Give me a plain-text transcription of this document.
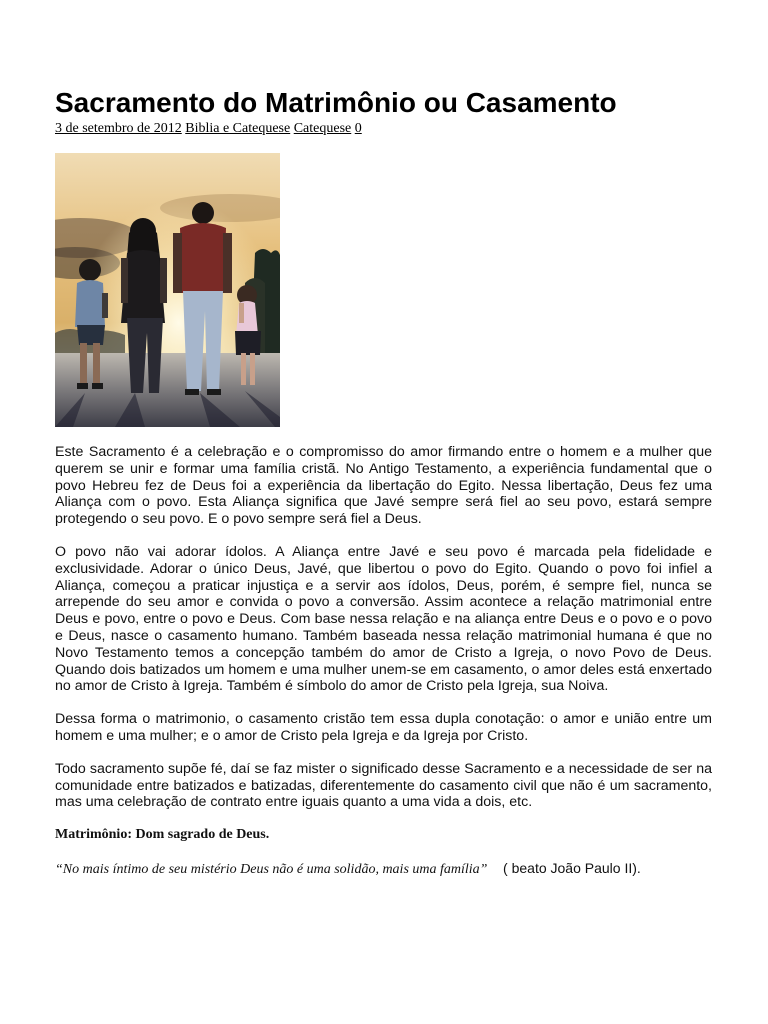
Sacramento do Matrimônio ou Casamento
3 de setembro de 2012 Biblia e Catequese Catequese 0

Este Sacramento é a celebração e o compromisso do amor firmando entre o homem e a mulher que querem se unir e formar uma família cristã. No Antigo Testamento, a experiência fundamental que o povo Hebreu fez de Deus foi a experiência da libertação do Egito. Nessa libertação, Deus fez uma Aliança com o povo. Esta Aliança significa que Javé sempre será fiel ao seu povo, estará sempre protegendo o seu povo. E o povo sempre será fiel a Deus.

O povo não vai adorar ídolos. A Aliança entre Javé e seu povo é marcada pela fidelidade e exclusividade. Adorar o único Deus, Javé, que libertou o povo do Egito. Quando o povo foi infiel a Aliança, começou a praticar injustiça e a servir aos ídolos, Deus, porém, é sempre fiel, nunca se arrepende do seu amor e convida o povo a conversão. Assim acontece a relação matrimonial entre Deus e povo, entre o povo e Deus. Com base nessa relação e na aliança entre Deus e o povo e o povo e Deus, nasce o casamento humano. Também baseada nessa relação matrimonial humana é que no Novo Testamento temos a concepção também do amor de Cristo a Igreja, o novo Povo de Deus. Quando dois batizados um homem e uma mulher unem-se em casamento, o amor deles está enxertado no amor de Cristo à Igreja. Também é símbolo do amor de Cristo pela Igreja, sua Noiva.

Dessa forma o matrimonio, o casamento cristão tem essa dupla conotação: o amor e união entre um homem e uma mulher; e o amor de Cristo pela Igreja e da Igreja por Cristo.

Todo sacramento supõe fé, daí se faz mister o significado desse Sacramento e a necessidade de ser na comunidade entre batizados e batizadas, diferentemente do casamento civil que não é um sacramento, mas uma celebração de contrato entre iguais quanto a uma vida a dois, etc.

Matrimônio: Dom sagrado de Deus.

“No mais íntimo de seu mistério Deus não é uma solidão, mais uma família” ( beato João Paulo II).
